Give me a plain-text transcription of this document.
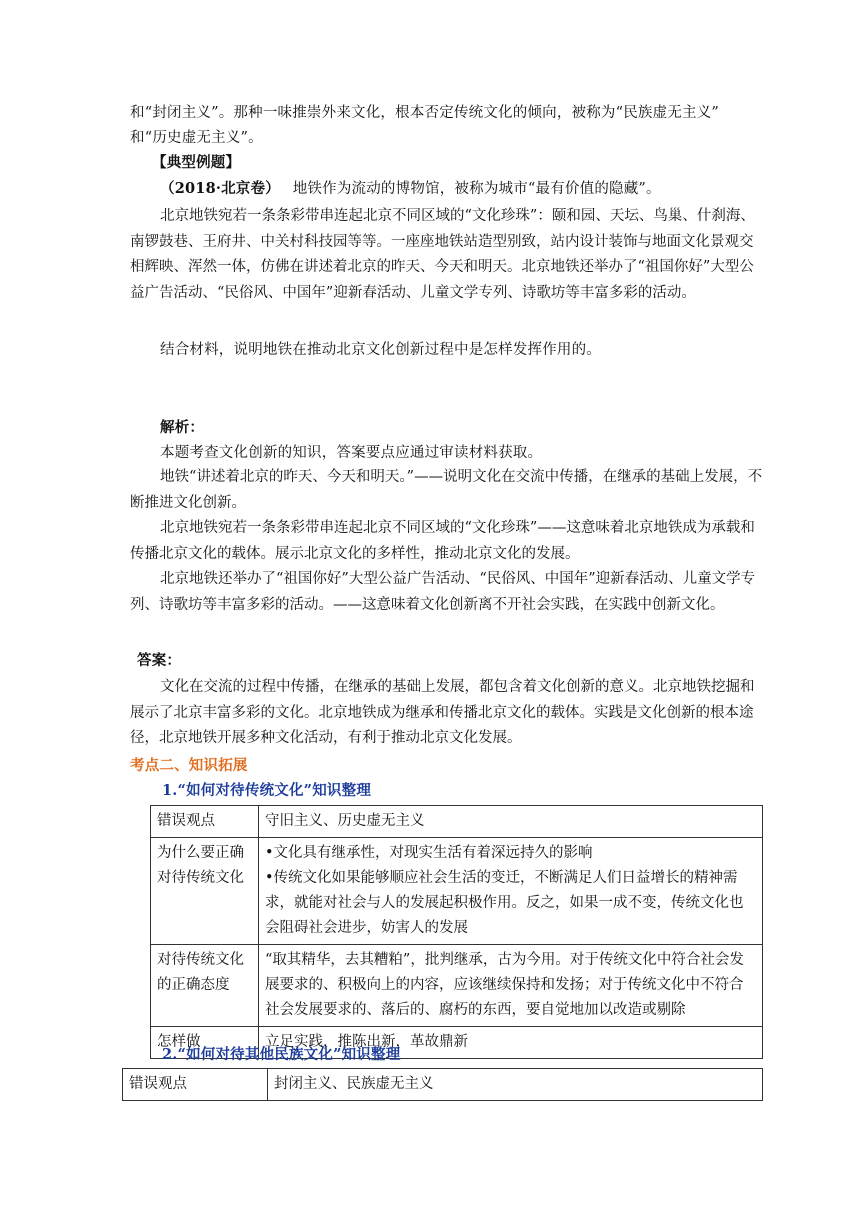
和“封闭主义”。那种一味推崇外来文化，根本否定传统文化的倾向，被称为“民族虚无主义”
和“历史虚无主义”。
【典型例题】
（2018·北京卷） 地铁作为流动的博物馆，被称为城市“最有价值的隐藏”。
北京地铁宛若一条条彩带串连起北京不同区域的“文化珍珠”：颐和园、天坛、鸟巢、什刹海、南锣鼓巷、王府井、中关村科技园等等。一座座地铁站造型别致，站内设计装饰与地面文化景观交相辉映、浑然一体，仿佛在讲述着北京的昨天、今天和明天。北京地铁还举办了“祖国你好”大型公益广告活动、“民俗风、中国年”迎新春活动、儿童文学专列、诗歌坊等丰富多彩的活动。
结合材料，说明地铁在推动北京文化创新过程中是怎样发挥作用的。
解析：
本题考查文化创新的知识，答案要点应通过审读材料获取。
地铁“讲述着北京的昨天、今天和明天。”——说明文化在交流中传播，在继承的基础上发展，不断推进文化创新。
北京地铁宛若一条条彩带串连起北京不同区域的“文化珍珠”——这意味着北京地铁成为承载和传播北京文化的载体。展示北京文化的多样性，推动北京文化的发展。
北京地铁还举办了“祖国你好”大型公益广告活动、“民俗风、中国年”迎新春活动、儿童文学专列、诗歌坊等丰富多彩的活动。——这意味着文化创新离不开社会实践，在实践中创新文化。
答案：
文化在交流的过程中传播，在继承的基础上发展，都包含着文化创新的意义。北京地铁挖掘和展示了北京丰富多彩的文化。北京地铁成为继承和传播北京文化的载体。实践是文化创新的根本途径，北京地铁开展多种文化活动，有利于推动北京文化发展。
考点二、知识拓展
1.“如何对待传统文化”知识整理
错误观点	守旧主义、历史虚无主义
为什么要正确对待传统文化	•文化具有继承性，对现实生活有着深远持久的影响
•传统文化如果能够顺应社会生活的变迁，不断满足人们日益增长的精神需求，就能对社会与人的发展起积极作用。反之，如果一成不变，传统文化也会阻碍社会进步，妨害人的发展

对待传统文化的正确态度	“取其精华，去其糟粕”，批判继承，古为今用。对于传统文化中符合社会发展要求的、积极向上的内容，应该继续保持和发扬；对于传统文化中不符合社会发展要求的、落后的、腐朽的东西，要自觉地加以改造或剔除
怎样做	立足实践，推陈出新，革故鼎新
2.“如何对待其他民族文化”知识整理
错误观点	封闭主义、民族虚无主义
